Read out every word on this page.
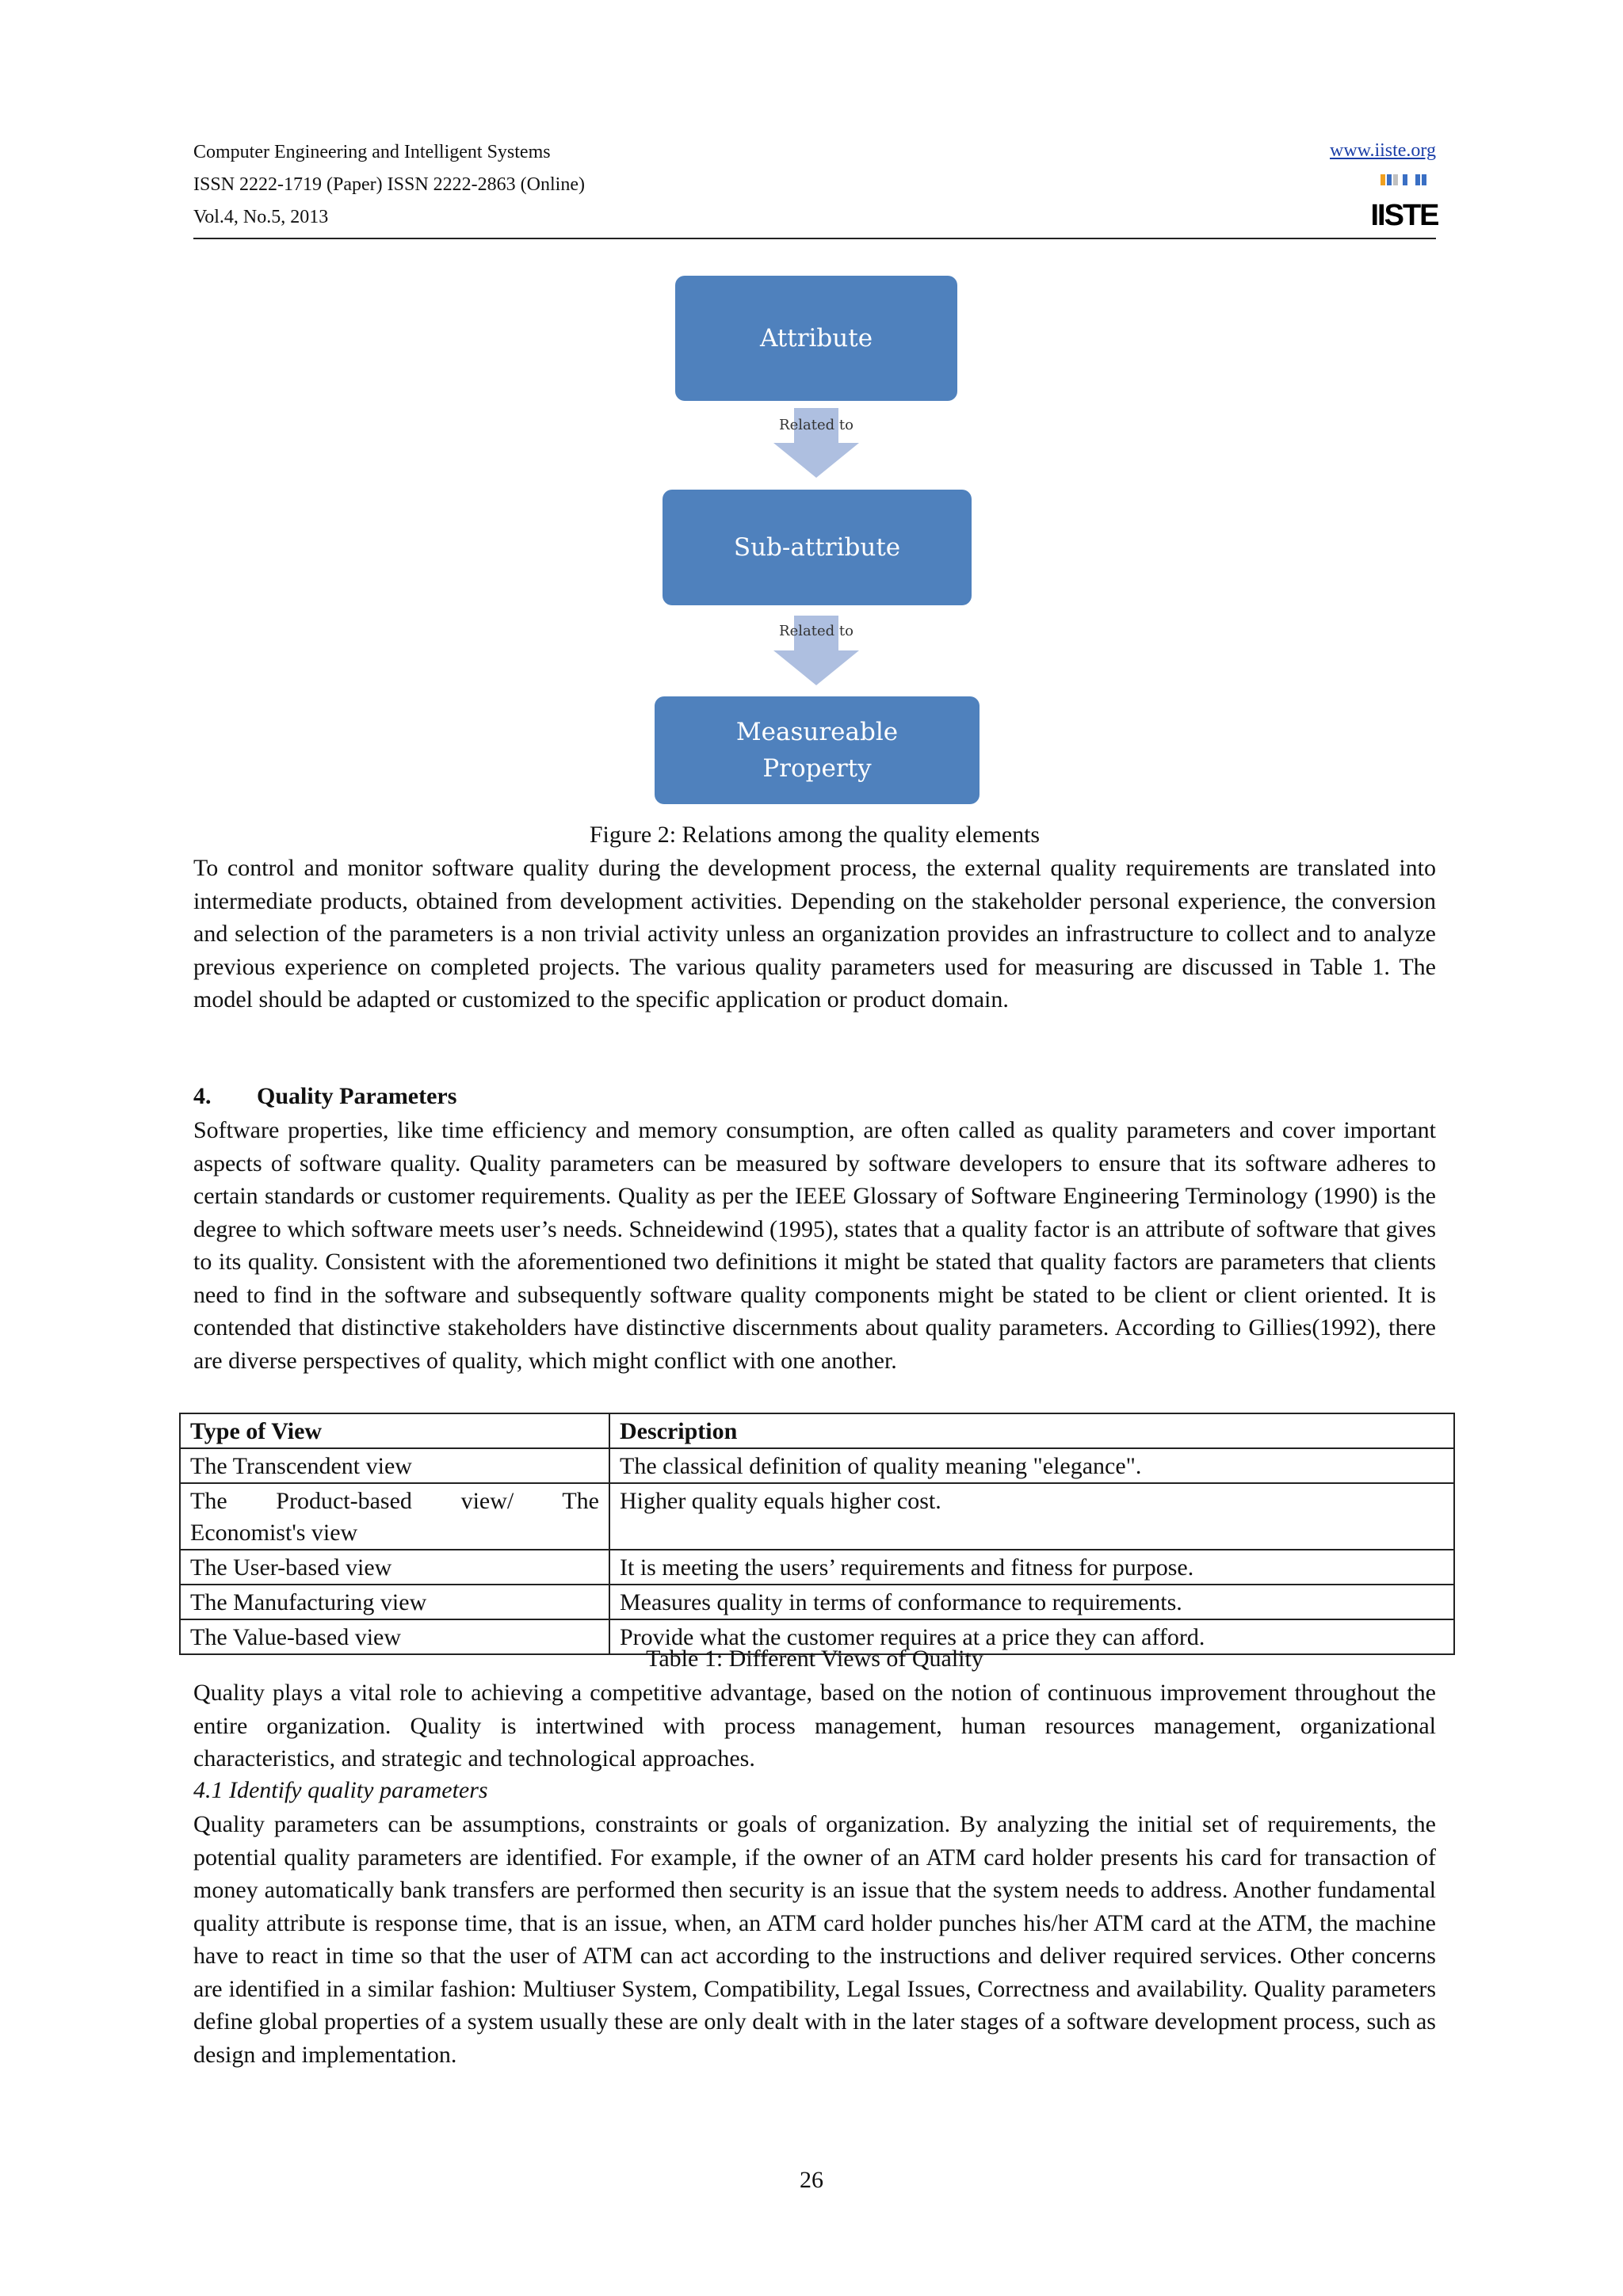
Computer Engineering and Intelligent Systems
ISSN 2222-1719 (Paper) ISSN 2222-2863 (Online)
Vol.4, No.5, 2013
www.iiste.org
IISTE
Attribute
Related to
Sub-attribute
Related to
Measureable Property
Figure 2: Relations among the quality elements
To control and monitor software quality during the development process, the external quality requirements are translated into intermediate products, obtained from development activities. Depending on the stakeholder personal experience, the conversion and selection of the parameters is a non trivial activity unless an organization provides an infrastructure to collect and to analyze previous experience on completed projects. The various quality parameters used for measuring are discussed in Table 1. The model should be adapted or customized to the specific application or product domain.
4. Quality Parameters
Software properties, like time efficiency and memory consumption, are often called as quality parameters and cover important aspects of software quality. Quality parameters can be measured by software developers to ensure that its software adheres to certain standards or customer requirements. Quality as per the IEEE Glossary of Software Engineering Terminology (1990) is the degree to which software meets user’s needs. Schneidewind (1995), states that a quality factor is an attribute of software that gives to its quality. Consistent with the aforementioned two definitions it might be stated that quality factors are parameters that clients need to find in the software and subsequently software quality components might be stated to be client or client oriented. It is contended that distinctive stakeholders have distinctive discernments about quality parameters. According to Gillies(1992), there are diverse perspectives of quality, which might conflict with one another.
Type of View	Description
The Transcendent view	The classical definition of quality meaning "elegance".

The Product-based view/ The
Economist's view	Higher quality equals higher cost.
The User-based view	It is meeting the users’ requirements and fitness for purpose.
The Manufacturing view	Measures quality in terms of conformance to requirements.
The Value-based view	Provide what the customer requires at a price they can afford.
Table 1: Different Views of Quality
Quality plays a vital role to achieving a competitive advantage, based on the notion of continuous improvement throughout the entire organization. Quality is intertwined with process management, human resources management, organizational characteristics, and strategic and technological approaches.
4.1 Identify quality parameters
Quality parameters can be assumptions, constraints or goals of organization. By analyzing the initial set of requirements, the potential quality parameters are identified. For example, if the owner of an ATM card holder presents his card for transaction of money automatically bank transfers are performed then security is an issue that the system needs to address. Another fundamental quality attribute is response time, that is an issue, when, an ATM card holder punches his/her ATM card at the ATM, the machine have to react in time so that the user of ATM can act according to the instructions and deliver required services. Other concerns are identified in a similar fashion: Multiuser System, Compatibility, Legal Issues, Correctness and availability. Quality parameters define global properties of a system usually these are only dealt with in the later stages of a software development process, such as design and implementation.
26
